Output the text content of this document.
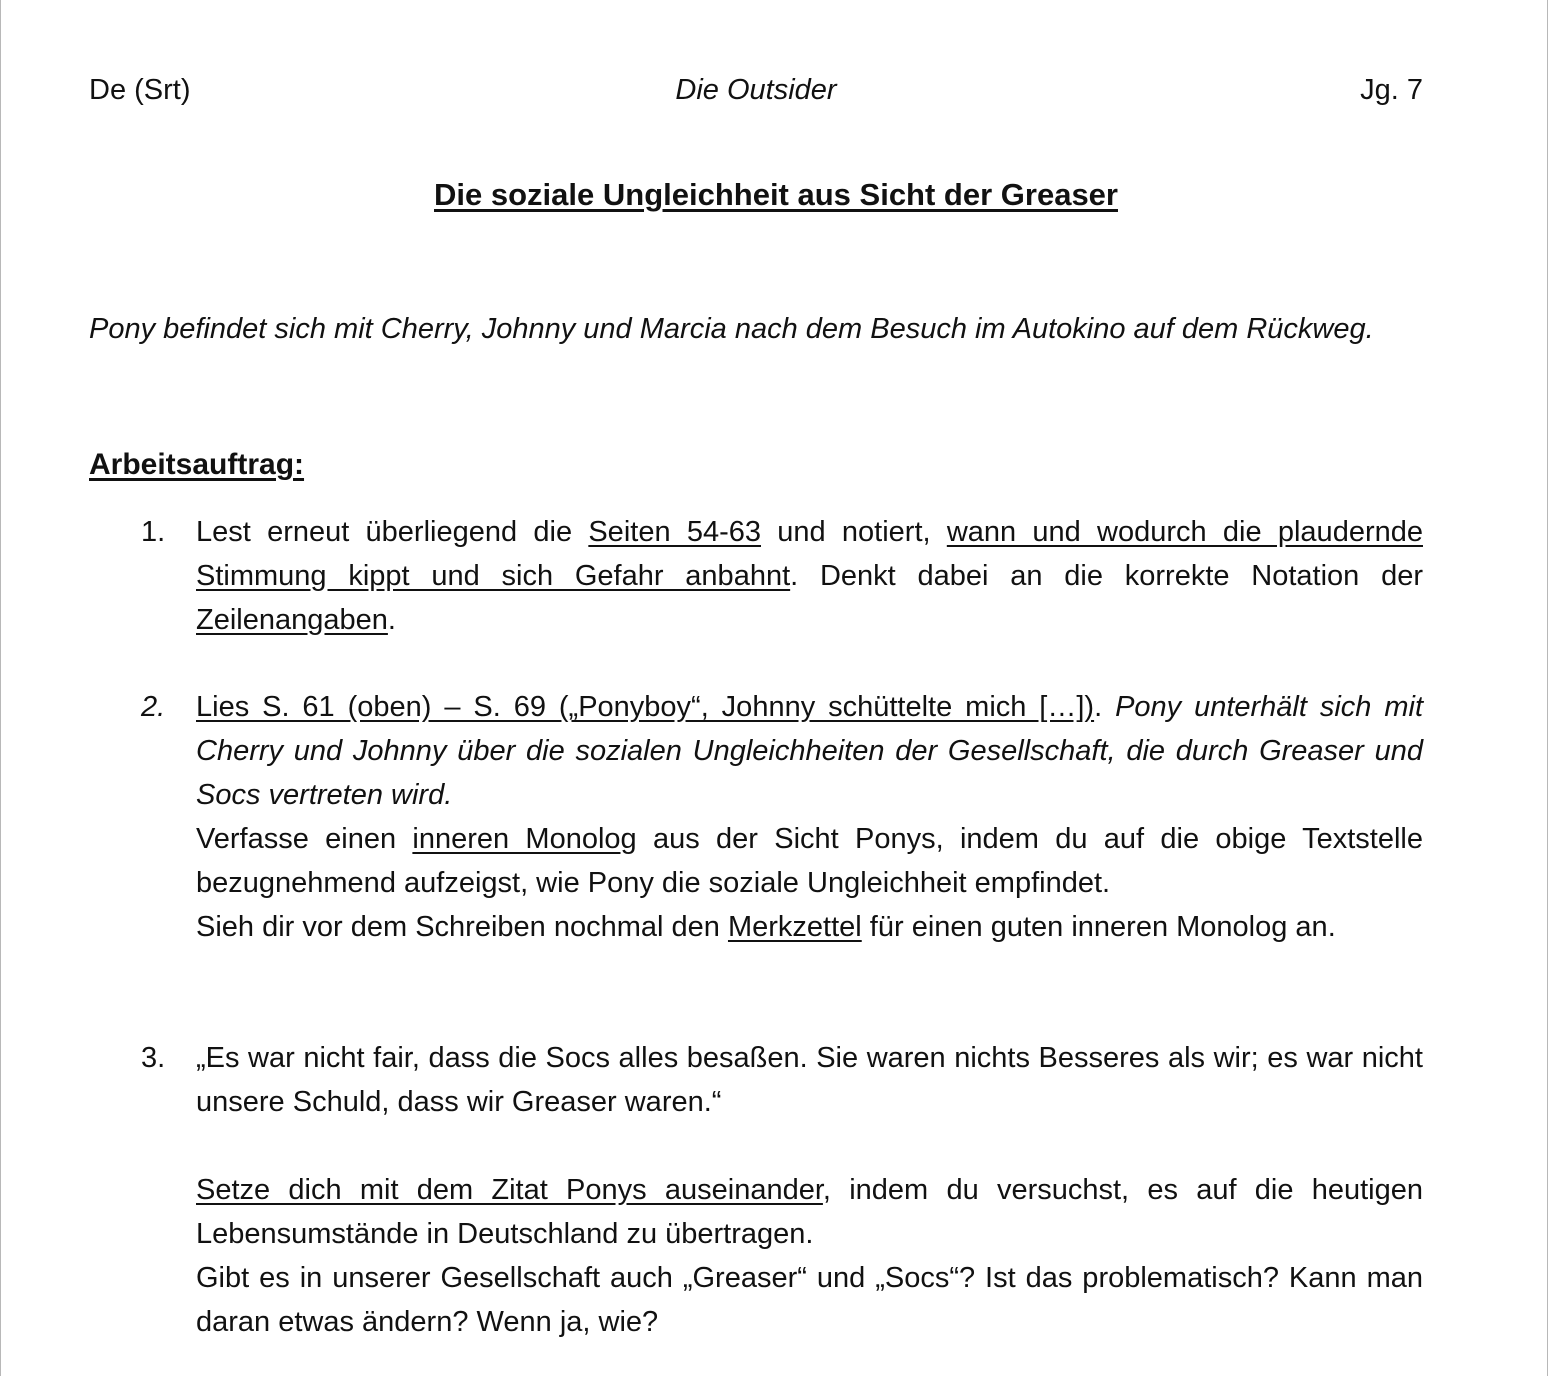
De (Srt)	Die Outsider	Jg. 7
Die soziale Ungleichheit aus Sicht der Greaser
Pony befindet sich mit Cherry, Johnny und Marcia nach dem Besuch im Autokino auf dem Rückweg.
Arbeitsauftrag:
1.	Lest erneut überliegend die Seiten 54-63 und notiert, wann und wodurch die plaudernde Stimmung kippt und sich Gefahr anbahnt. Denkt dabei an die korrekte Notation der Zeilenangaben.

2.	Lies S. 61 (oben) – S. 69 („Ponyboy“, Johnny schüttelte mich […]). Pony unterhält sich mit Cherry und Johnny über die sozialen Ungleichheiten der Gesellschaft, die durch Greaser und Socs vertreten wird.

Verfasse einen inneren Monolog aus der Sicht Ponys, indem du auf die obige Textstelle bezugnehmend aufzeigst, wie Pony die soziale Ungleichheit empfindet.

Sieh dir vor dem Schreiben nochmal den Merkzettel für einen guten inneren Monolog an.

3.	„Es war nicht fair, dass die Socs alles besaßen. Sie waren nichts Besseres als wir; es war nicht unsere Schuld, dass wir Greaser waren.“

Setze dich mit dem Zitat Ponys auseinander, indem du versuchst, es auf die heutigen Lebensumstände in Deutschland zu übertragen.

Gibt es in unserer Gesellschaft auch „Greaser“ und „Socs“? Ist das problematisch? Kann man daran etwas ändern? Wenn ja, wie?
